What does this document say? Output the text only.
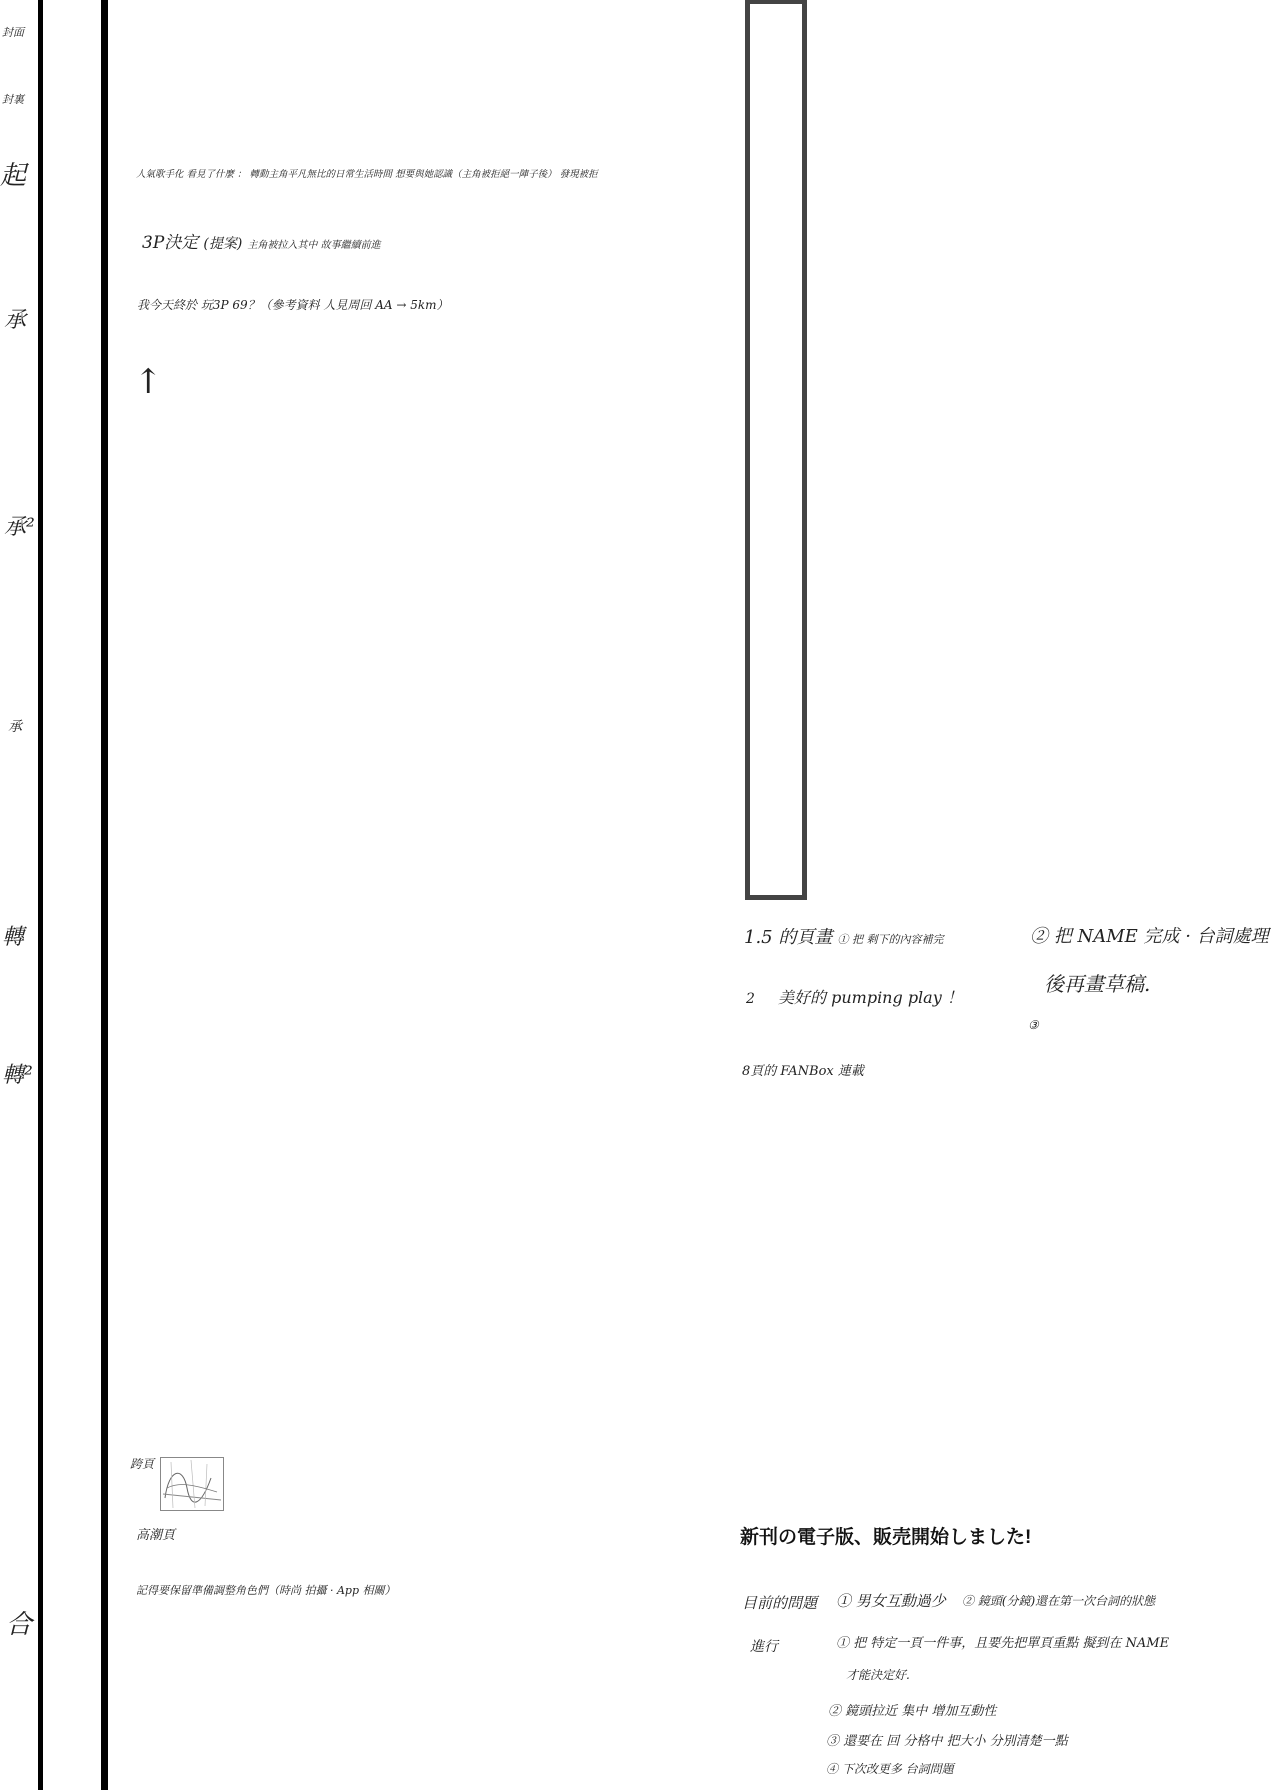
封面
封裏
起
承
承²
承
轉
轉²
合
人氣歌手化 看見了什麼 ： 轉動主角平凡無比的日常生活時間 想要與她認識（主角被拒絕一陣子後） 發現被拒
3P決定 (提案) 主角被拉入其中 故事繼續前進
我今天終於 玩3P 69？（參考資料 人見周回 AA → 5km）
↑
跨頁
高潮頁
記得要保留準備調整角色們（時尚 拍攝 · App 相關）
1.5 的頁畫 ① 把 剩下的內容補完
2 美好的 pumping play ！
② 把 NAME 完成 · 台詞處理
後再畫草稿.
③
8頁的 FANBox 連載
新刊の電子版、販売開始しました!
目前的問題 ① 男女互動過少 ② 鏡頭(分鏡)還在第一次台詞的狀態
進行	① 把 特定一頁一件事，且要先把單頁重點 擬到在 NAME
才能決定好.
② 鏡頭拉近 集中 增加互動性
③ 還要在 回 分格中 把大小 分別清楚一點
④ 下次改更多 台詞問題
